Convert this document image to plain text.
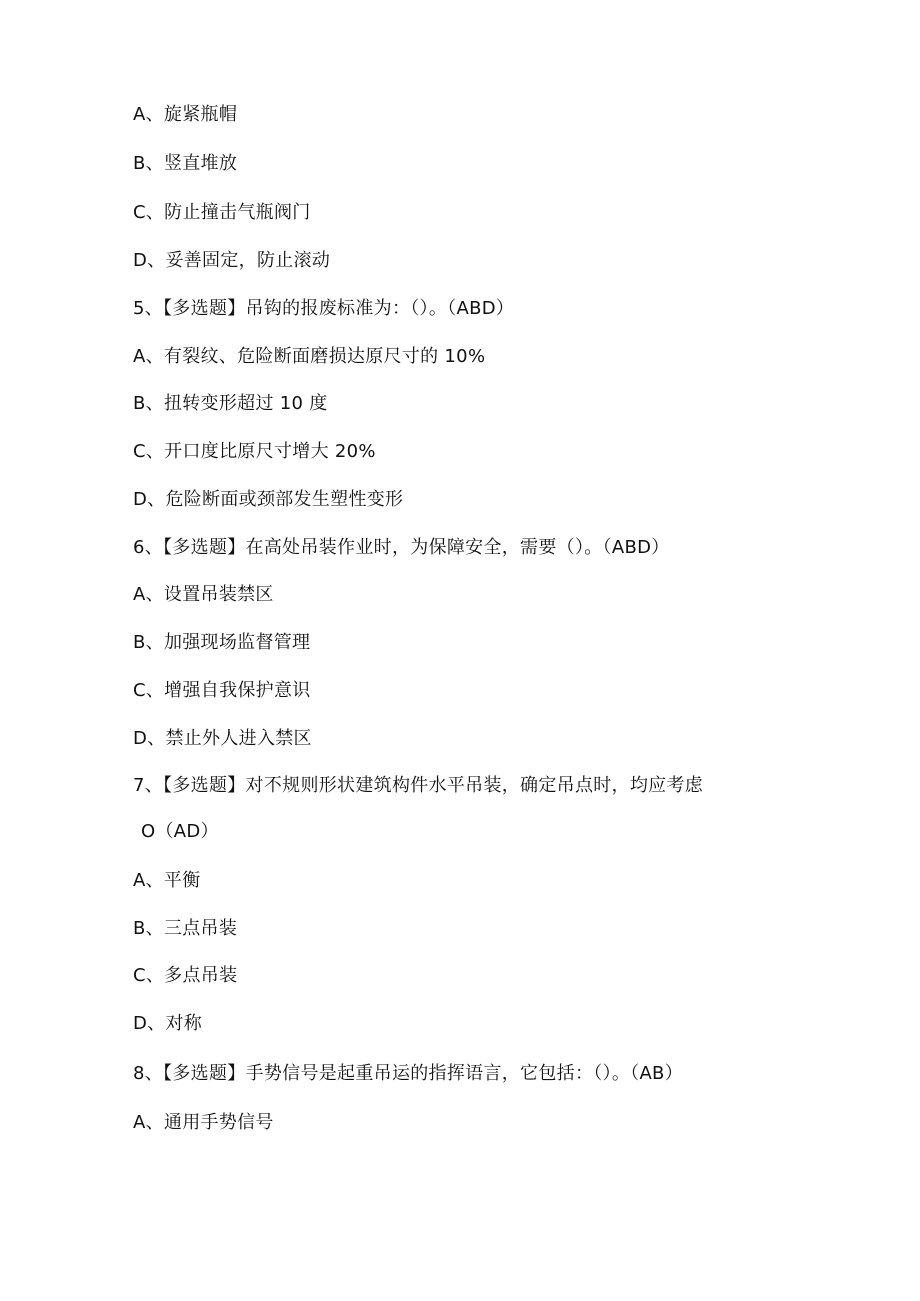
A、旋紧瓶帽
B、竖直堆放
C、防止撞击气瓶阀门
D、妥善固定，防止滚动
5、【多选题】吊钩的报废标准为：（）。（ABD）
A、有裂纹、危险断面磨损达原尺寸的 10%
B、扭转变形超过 10 度
C、开口度比原尺寸增大 20%
D、危险断面或颈部发生塑性变形
6、【多选题】在高处吊装作业时，为保障安全，需要（）。（ABD）
A、设置吊装禁区
B、加强现场监督管理
C、增强自我保护意识
D、禁止外人进入禁区
7、【多选题】对不规则形状建筑构件水平吊装，确定吊点时，均应考虑
O（AD）
A、平衡
B、三点吊装
C、多点吊装
D、对称
8、【多选题】手势信号是起重吊运的指挥语言，它包括：（）。（AB）
A、通用手势信号
